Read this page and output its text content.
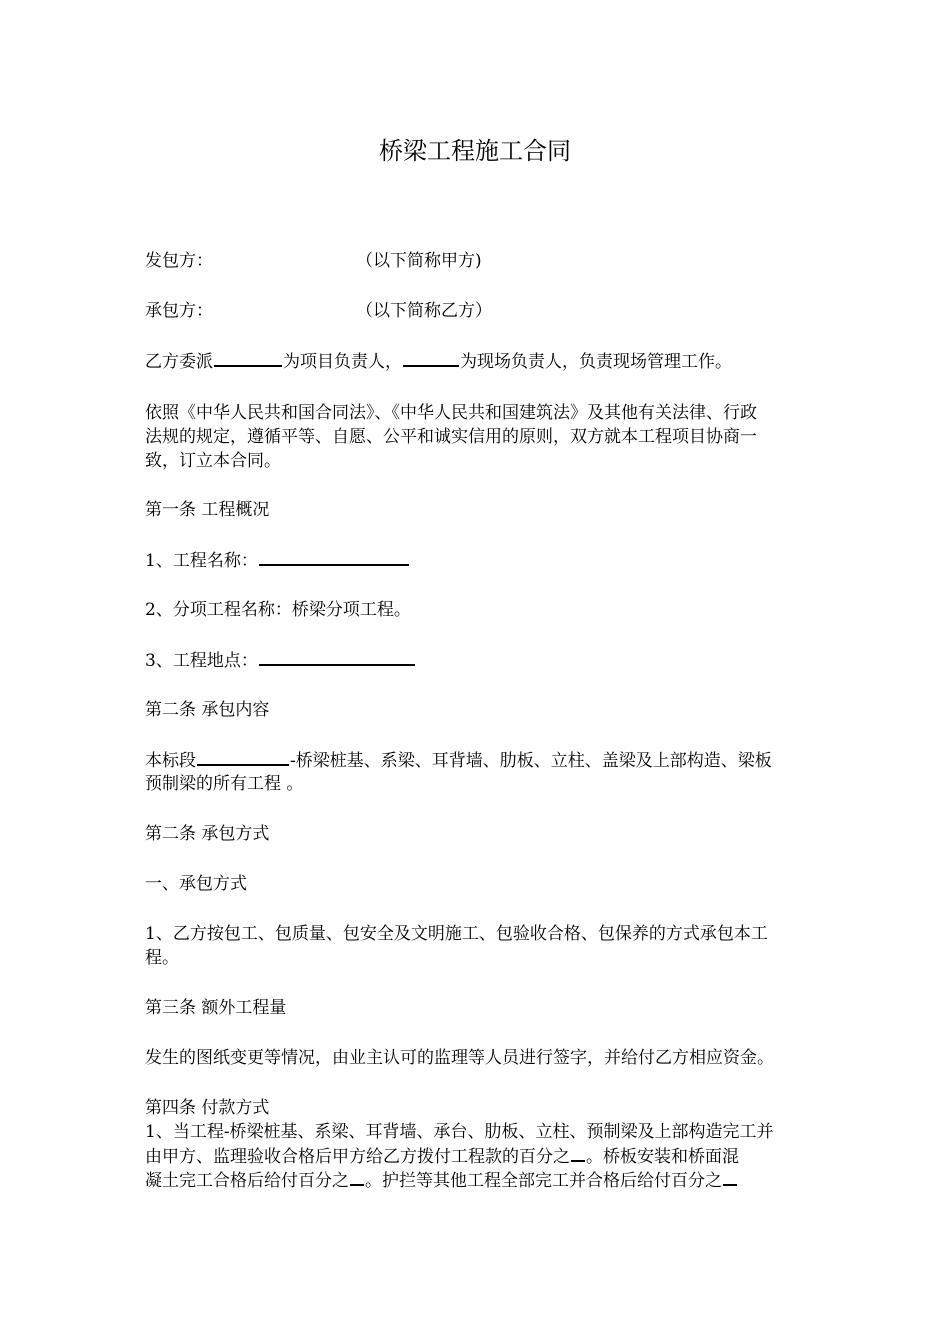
桥梁工程施工合同
发包方：	（以下简称甲方)
承包方：	（以下简称乙方）
乙方委派	为项目负责人，	为现场负责人，负责现场管理工作。
依照《中华人民共和国合同法》、《中华人民共和国建筑法》及其他有关法律、行政
法规的规定，遵循平等、自愿、公平和诚实信用的原则，双方就本工程项目协商一
致，订立本合同。
第一条 工程概况
1、工程名称：
2、分项工程名称：桥梁分项工程。
3、工程地点：
第二条 承包内容
本标段	-桥梁桩基、系梁、耳背墙、肋板、立柱、盖梁及上部构造、梁板
预制梁的所有工程 。
第二条 承包方式
一、承包方式
1、乙方按包工、包质量、包安全及文明施工、包验收合格、包保养的方式承包本工
程。
第三条 额外工程量
发生的图纸变更等情况，由业主认可的监理等人员进行签字，并给付乙方相应资金。
第四条 付款方式
1、当工程-桥梁桩基、系梁、耳背墙、承台、肋板、立柱、预制梁及上部构造完工并
由甲方、监理验收合格后甲方给乙方拨付工程款的百分之 。桥板安装和桥面混
凝土完工合格后给付百分之 。护拦等其他工程全部完工并合格后给付百分之
